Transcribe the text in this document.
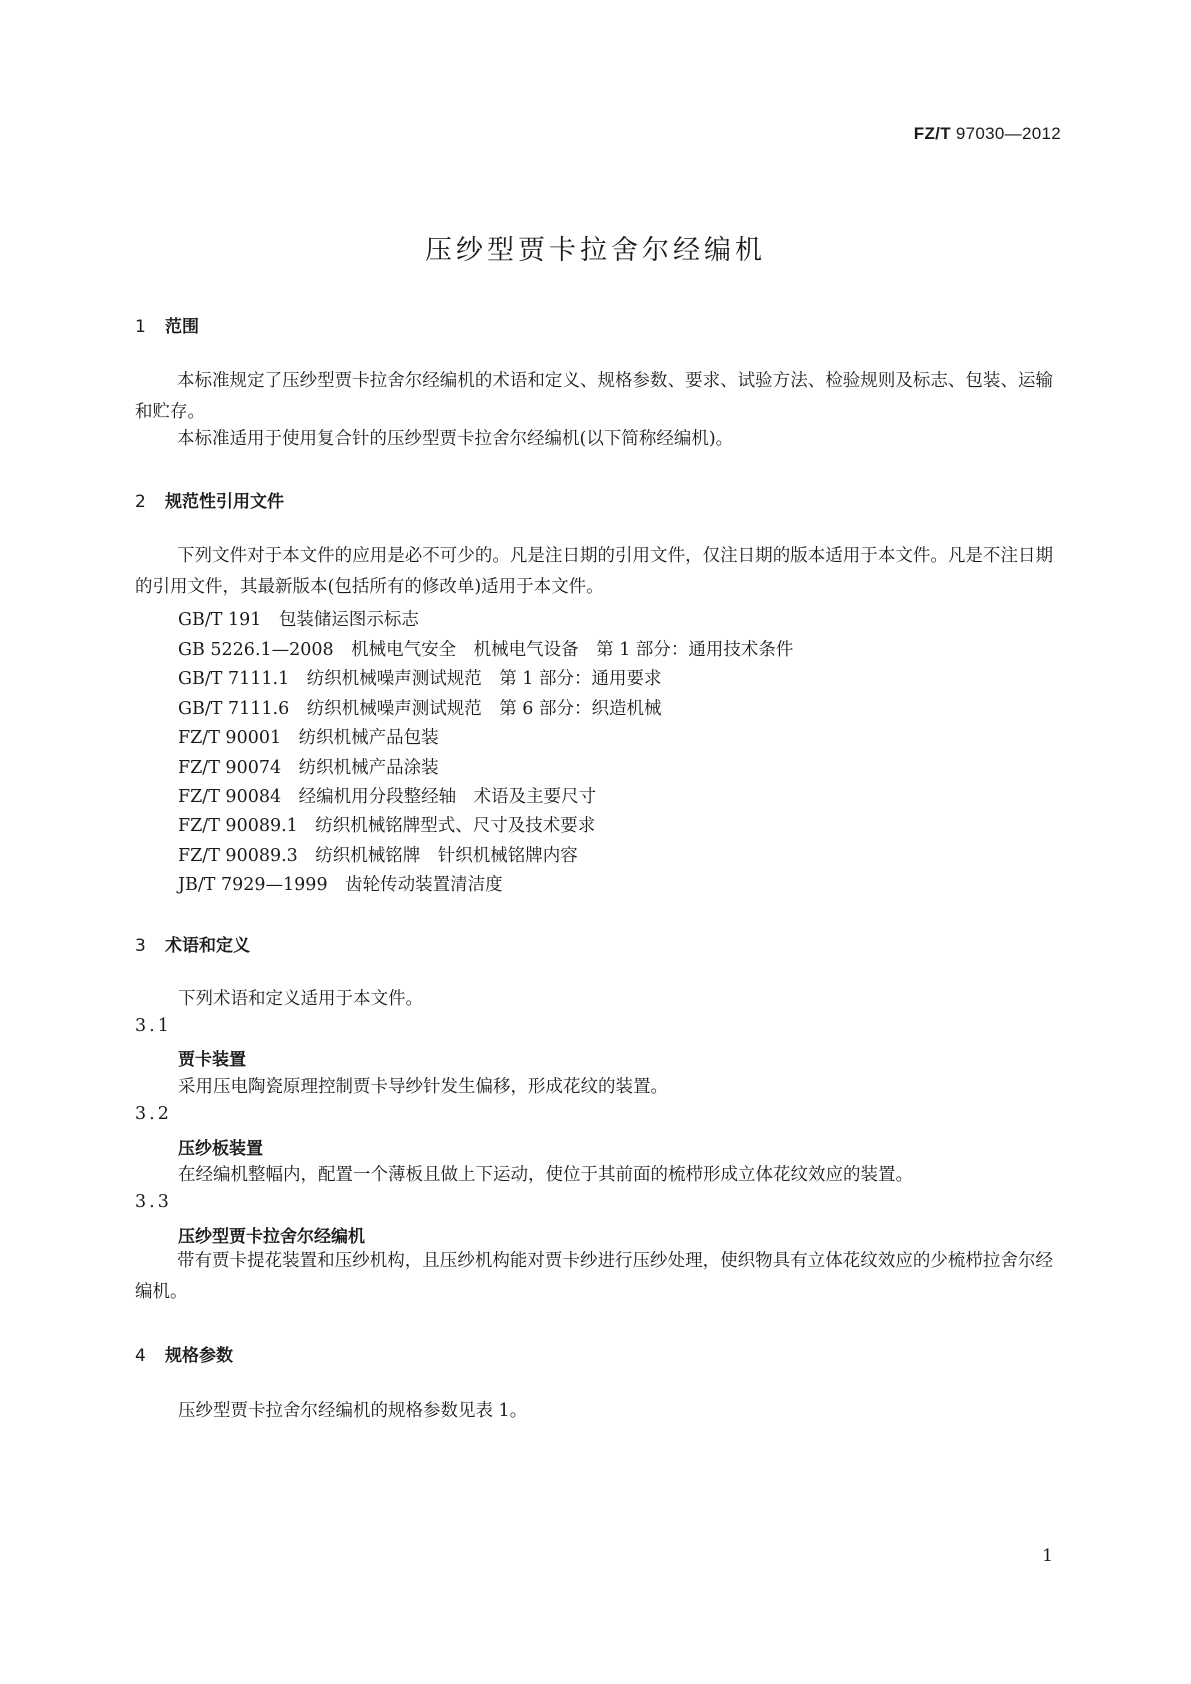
FZ/T 97030—2012
压纱型贾卡拉舍尔经编机
1 范围
本标准规定了压纱型贾卡拉舍尔经编机的术语和定义、规格参数、要求、试验方法、检验规则及标志、包装、运输和贮存。
本标准适用于使用复合针的压纱型贾卡拉舍尔经编机(以下简称经编机)。
2 规范性引用文件
下列文件对于本文件的应用是必不可少的。凡是注日期的引用文件，仅注日期的版本适用于本文件。凡是不注日期的引用文件，其最新版本(包括所有的修改单)适用于本文件。
GB/T 191　包装储运图示标志
GB 5226.1—2008　机械电气安全　机械电气设备　第 1 部分：通用技术条件
GB/T 7111.1　纺织机械噪声测试规范　第 1 部分：通用要求
GB/T 7111.6　纺织机械噪声测试规范　第 6 部分：织造机械
FZ/T 90001　纺织机械产品包装
FZ/T 90074　纺织机械产品涂装
FZ/T 90084　经编机用分段整经轴　术语及主要尺寸
FZ/T 90089.1　纺织机械铭牌型式、尺寸及技术要求
FZ/T 90089.3　纺织机械铭牌　针织机械铭牌内容
JB/T 7929—1999　齿轮传动装置清洁度
3 术语和定义
下列术语和定义适用于本文件。
3.1
贾卡装置
采用压电陶瓷原理控制贾卡导纱针发生偏移，形成花纹的装置。
3.2
压纱板装置
在经编机整幅内，配置一个薄板且做上下运动，使位于其前面的梳栉形成立体花纹效应的装置。
3.3
压纱型贾卡拉舍尔经编机
带有贾卡提花装置和压纱机构，且压纱机构能对贾卡纱进行压纱处理，使织物具有立体花纹效应的少梳栉拉舍尔经编机。
4 规格参数
压纱型贾卡拉舍尔经编机的规格参数见表 1。
1
